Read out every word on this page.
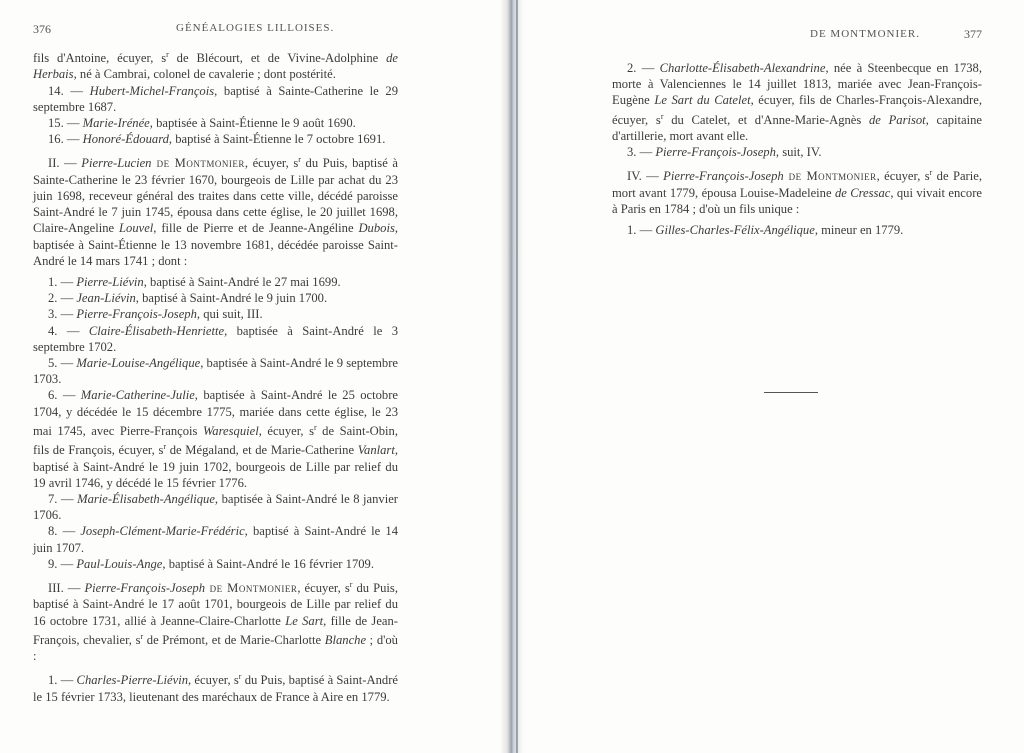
376	GÉNÉALOGIES LILLOISES.

fils d'Antoine, écuyer, $s^r$ de Blécourt, et de Vivine-Adolphine de Herbais, né à Cambrai, colonel de cavalerie ; dont postérité.

14. — Hubert-Michel-François, baptisé à Sainte-Catherine le 29 septembre 1687.

15. — Marie-Irénée, baptisée à Saint-Étienne le 9 août 1690.

16. — Honoré-Édouard, baptisé à Saint-Étienne le 7 octobre 1691.

II. — Pierre-Lucien de Montmonier, écuyer, $s^r$ du Puis, baptisé à Sainte-Catherine le 23 février 1670, bourgeois de Lille par achat du 23 juin 1698, receveur général des traites dans cette ville, décédé paroisse Saint-André le 7 juin 1745, épousa dans cette église, le 20 juillet 1698, Claire-Angeline Louvel, fille de Pierre et de Jeanne-Angéline Dubois, baptisée à Saint-Étienne le 13 novembre 1681, décédée paroisse Saint-André le 14 mars 1741 ; dont :

1. — Pierre-Liévin, baptisé à Saint-André le 27 mai 1699.

2. — Jean-Liévin, baptisé à Saint-André le 9 juin 1700.

3. — Pierre-François-Joseph, qui suit, III.

4. — Claire-Élisabeth-Henriette, baptisée à Saint-André le 3 septembre 1702.

5. — Marie-Louise-Angélique, baptisée à Saint-André le 9 septembre 1703.

6. — Marie-Catherine-Julie, baptisée à Saint-André le 25 octobre 1704, y décédée le 15 décembre 1775, mariée dans cette église, le 23 mai 1745, avec Pierre-François Waresquiel, écuyer, $s^r$ de Saint-Obin, fils de François, écuyer, $s^r$ de Mégaland, et de Marie-Catherine Vanlart, baptisé à Saint-André le 19 juin 1702, bourgeois de Lille par relief du 19 avril 1746, y décédé le 15 février 1776.

7. — Marie-Élisabeth-Angélique, baptisée à Saint-André le 8 janvier 1706.

8. — Joseph-Clément-Marie-Frédéric, baptisé à Saint-André le 14 juin 1707.

9. — Paul-Louis-Ange, baptisé à Saint-André le 16 février 1709.

III. — Pierre-François-Joseph de Montmonier, écuyer, $s^r$ du Puis, baptisé à Saint-André le 17 août 1701, bourgeois de Lille par relief du 16 octobre 1731, allié à Jeanne-Claire-Charlotte Le Sart, fille de Jean-François, chevalier, $s^r$ de Prémont, et de Marie-Charlotte Blanche ; d'où :

1. — Charles-Pierre-Liévin, écuyer, $s^r$ du Puis, baptisé à Saint-André le 15 février 1733, lieutenant des maréchaux de France à Aire en 1779.

DE MONTMONIER.	377

2. — Charlotte-Élisabeth-Alexandrine, née à Steenbecque en 1738, morte à Valenciennes le 14 juillet 1813, mariée avec Jean-François-Eugène Le Sart du Catelet, écuyer, fils de Charles-François-Alexandre, écuyer, $s^r$ du Catelet, et d'Anne-Marie-Agnès de Parisot, capitaine d'artillerie, mort avant elle.

3. — Pierre-François-Joseph, suit, IV.

IV. — Pierre-François-Joseph de Montmonier, écuyer, $s^r$ de Parie, mort avant 1779, épousa Louise-Madeleine de Cressac, qui vivait encore à Paris en 1784 ; d'où un fils unique :

1. — Gilles-Charles-Félix-Angélique, mineur en 1779.
